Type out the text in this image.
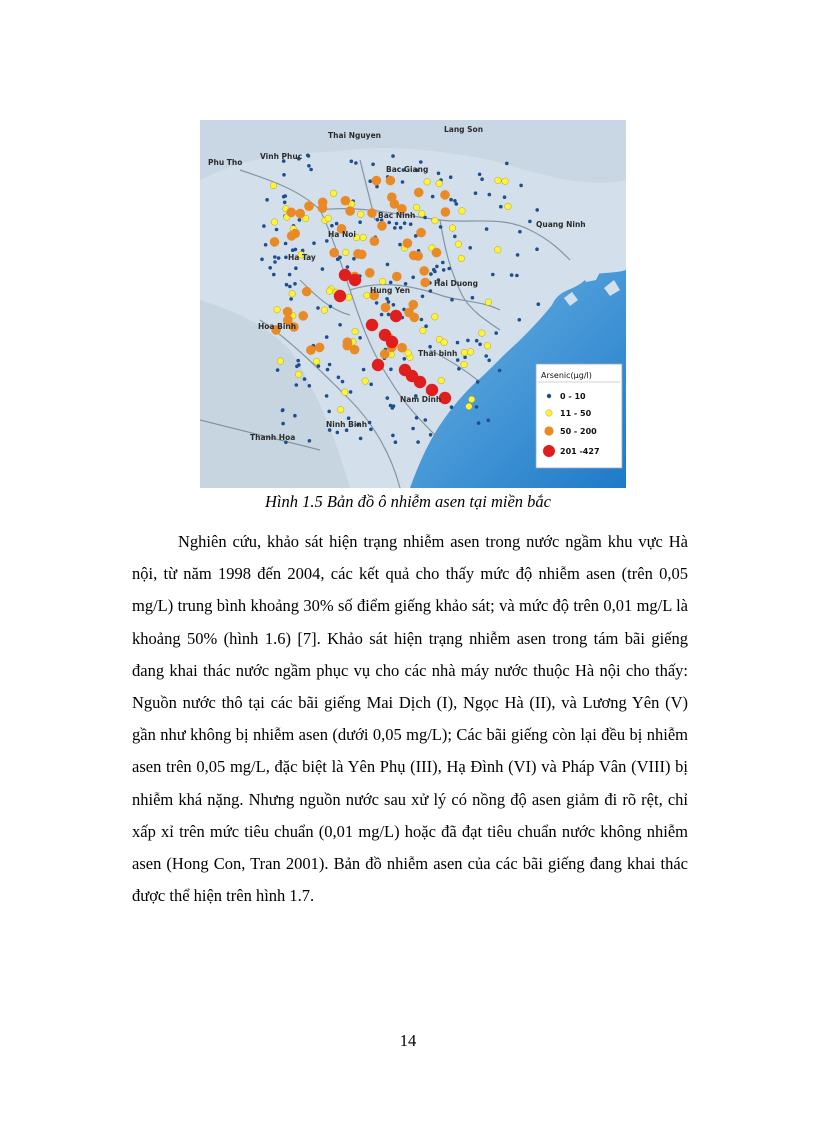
Lang Son
Thai Nguyen
Phu Tho
Vinh Phuc
Bac Giang
Bac Ninh
Quang Ninh
Ha Noi
Ha Tay
Hung Yen
Hai Duong
Hoa Binh
Thai binh
Nam Dinh
Ninh Binh
Thanh Hoa
Arsenic(µg/l)
0 - 10
11 - 50
50 - 200
201 -427
Hình 1.5 Bản đồ ô nhiễm asen tại miền bắc

Nghiên cứu, khảo sát hiện trạng nhiễm asen trong nước ngầm khu vực Hà nội, từ năm 1998 đến 2004, các kết quả cho thấy mức độ nhiễm asen (trên 0,05 mg/L) trung bình khoảng 30% số điểm giếng khảo sát; và mức độ trên 0,01 mg/L là khoảng 50% (hình 1.6) [7]. Khảo sát hiện trạng nhiễm asen trong tám bãi giếng đang khai thác nước ngầm phục vụ cho các nhà máy nước thuộc Hà nội cho thấy: Nguồn nước thô tại các bãi giếng Mai Dịch (I), Ngọc Hà (II), và Lương Yên (V) gần như không bị nhiễm asen (dưới 0,05 mg/L); Các bãi giếng còn lại đều bị nhiễm asen trên 0,05 mg/L, đặc biệt là Yên Phụ (III), Hạ Đình (VI) và Pháp Vân (VIII) bị nhiễm khá nặng. Nhưng nguồn nước sau xử lý có nồng độ asen giảm đi rõ rệt, chỉ xấp xỉ trên mức tiêu chuẩn (0,01 mg/L) hoặc đã đạt tiêu chuẩn nước không nhiễm asen (Hong Con, Tran 2001). Bản đồ nhiễm asen của các bãi giếng đang khai thác được thể hiện trên hình 1.7.

14
